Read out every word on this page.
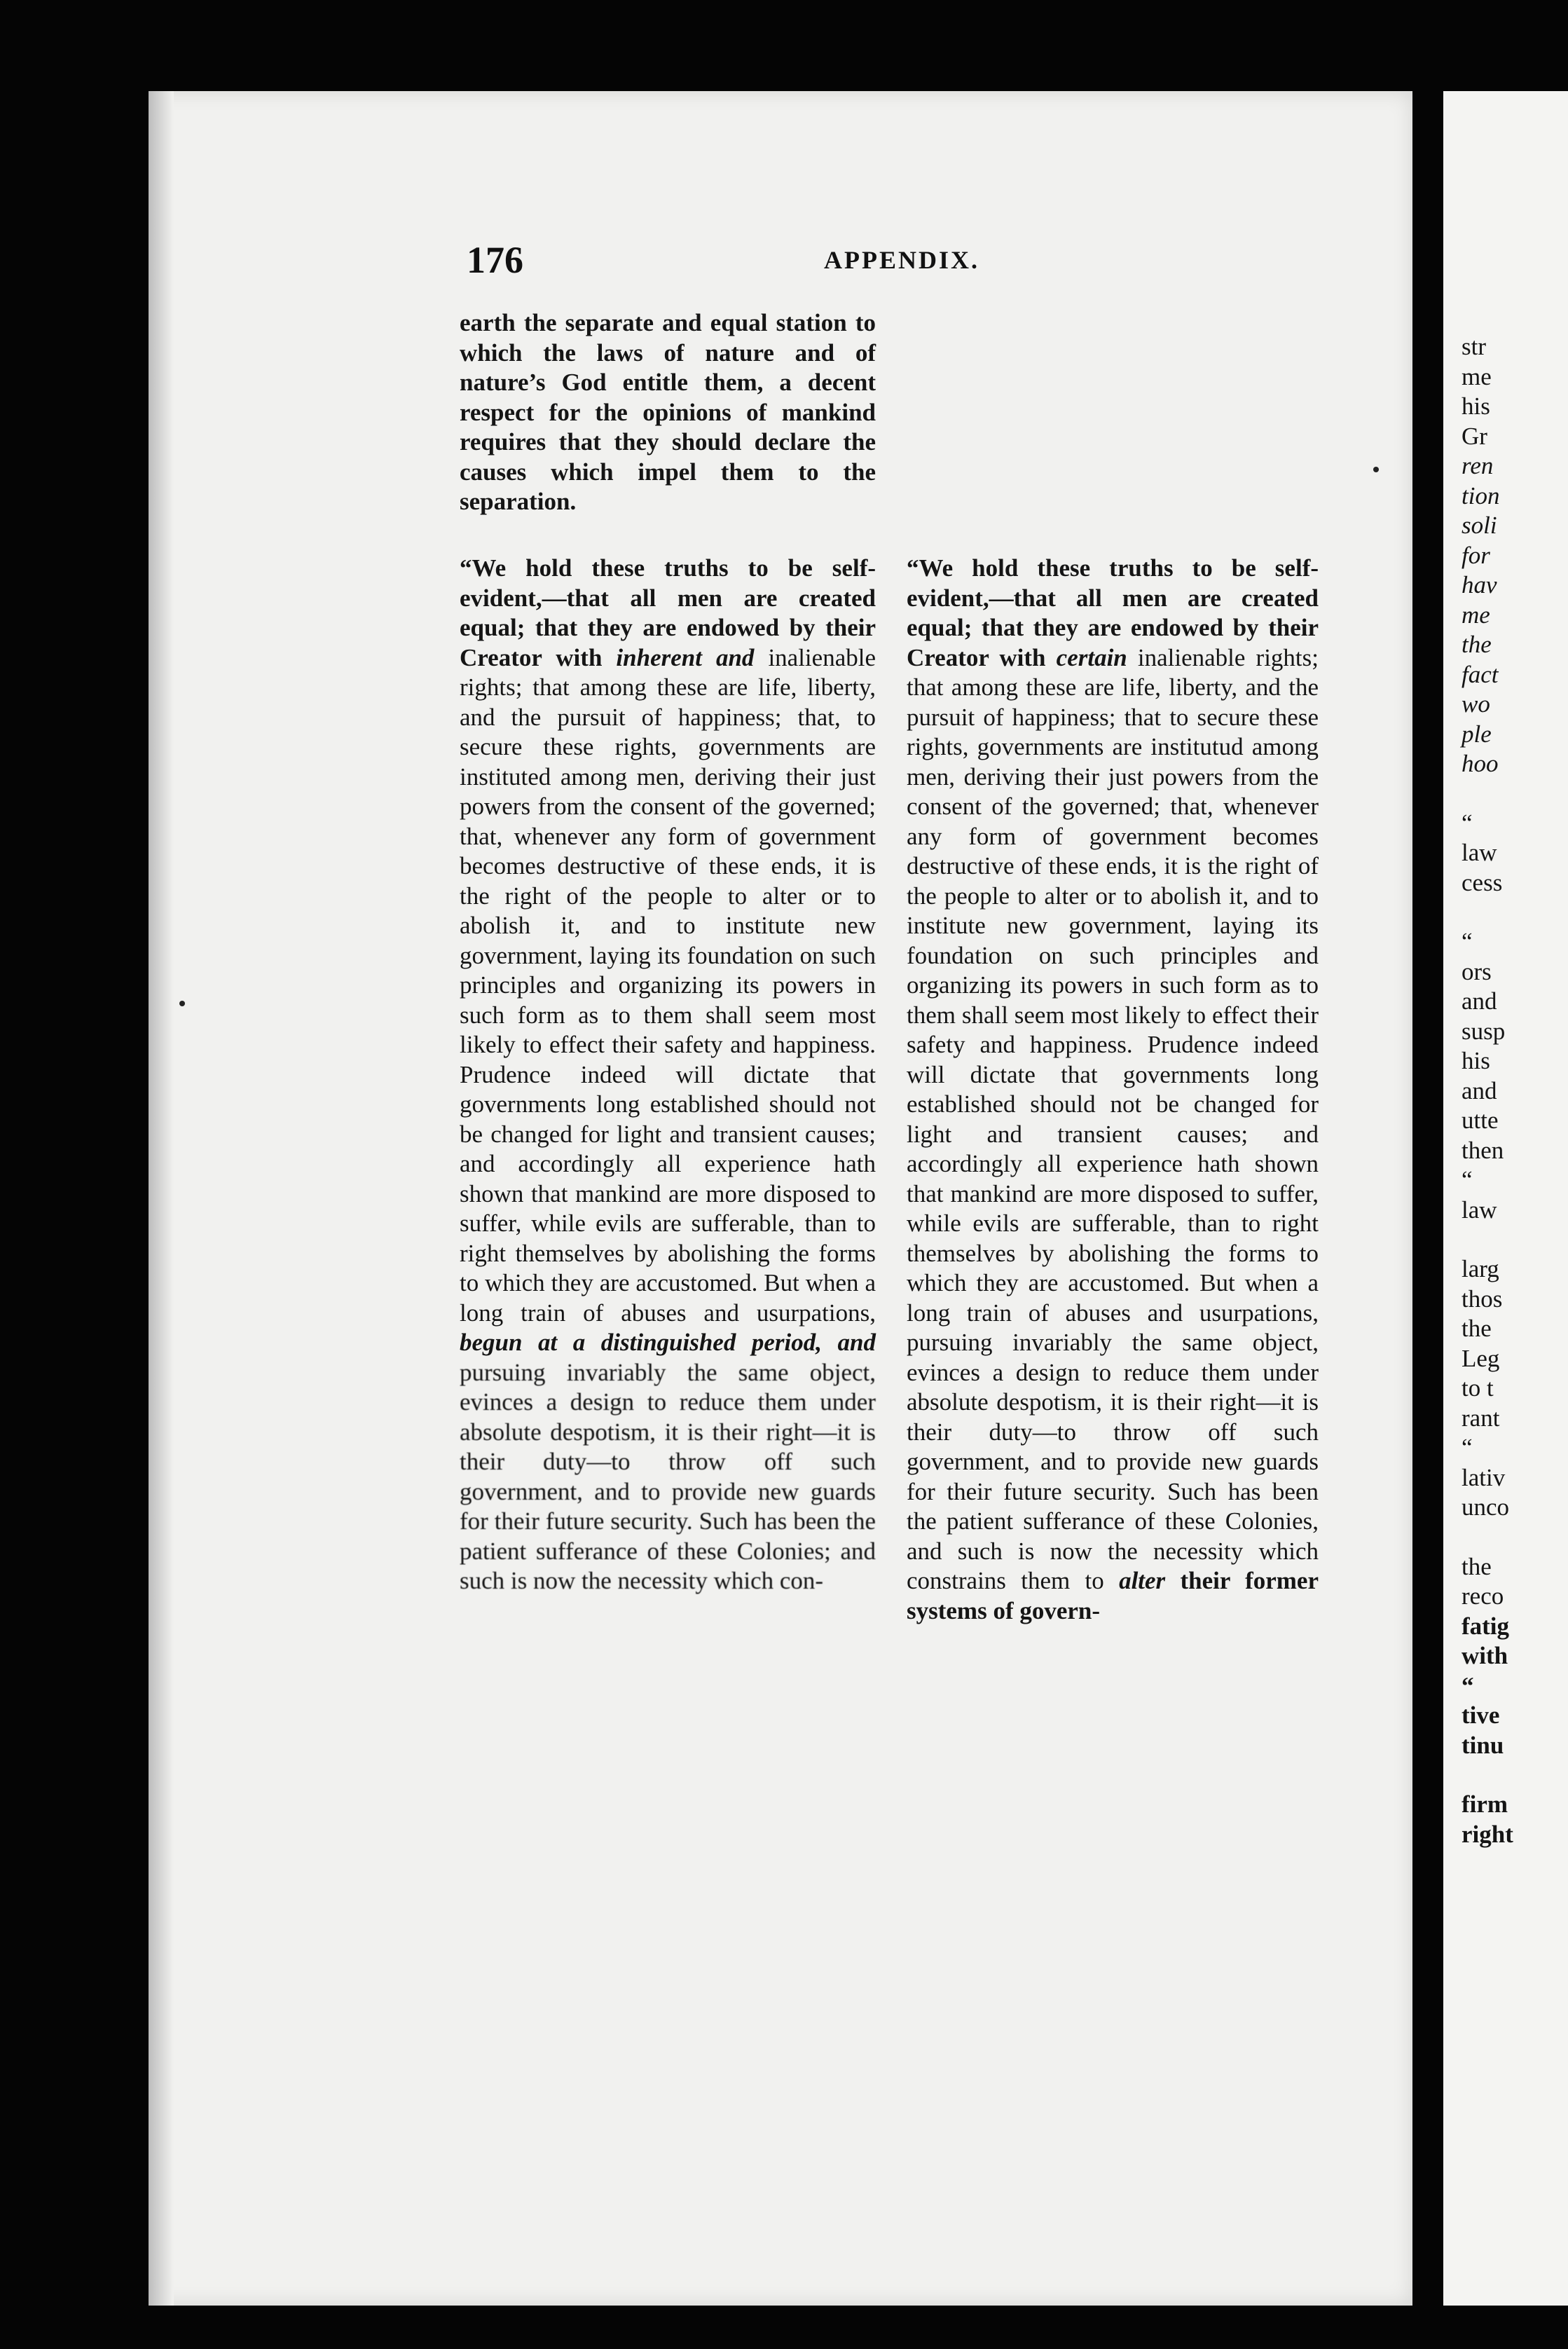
176	APPENDIX.

earth the separate and equal station to which the laws of nature and of nature’s God entitle them, a decent respect for the opinions of mankind requires that they should declare the causes which impel them to the separation.

“We hold these truths to be self-evident,—that all men are created equal; that they are endowed by their Creator with inherent and inalienable rights; that among these are life, liberty, and the pursuit of happiness; that, to secure these rights, governments are instituted among men, deriving their just powers from the consent of the governed; that, whenever any form of government becomes destructive of these ends, it is the right of the people to alter or to abolish it, and to institute new government, laying its foundation on such principles and organizing its powers in such form as to them shall seem most likely to effect their safety and happiness. Prudence indeed will dictate that governments long established should not be changed for light and transient causes; and accordingly all experience hath shown that mankind are more disposed to suffer, while evils are sufferable, than to right themselves by abolishing the forms to which they are accustomed. But when a long train of abuses and usurpations, begun at a distinguished period, and pursuing invariably the same object, evinces a design to reduce them under absolute despotism, it is their right—it is their duty—to throw off such government, and to provide new guards for their future security. Such has been the patient sufferance of these Colonies; and such is now the necessity which con-

“We hold these truths to be self-evident,—that all men are created equal; that they are endowed by their Creator with certain inalienable rights; that among these are life, liberty, and the pursuit of happiness; that to secure these rights, governments are institutud among men, deriving their just powers from the consent of the governed; that, whenever any form of government becomes destructive of these ends, it is the right of the people to alter or to abolish it, and to institute new government, laying its foundation on such principles and organizing its powers in such form as to them shall seem most likely to effect their safety and happiness. Prudence indeed will dictate that governments long established should not be changed for light and transient causes; and accordingly all experience hath shown that mankind are more disposed to suffer, while evils are sufferable, than to right themselves by abolishing the forms to which they are accustomed. But when a long train of abuses and usurpations, pursuing invariably the same object, evinces a design to reduce them under absolute despotism, it is their right—it is their duty—to throw off such government, and to provide new guards for their future security. Such has been the patient sufferance of these Colonies, and such is now the necessity which constrains them to alter their former systems of govern-

str
me
his
Gr
ren
tion
soli
for
hav
me
the
fact
wo
ple
hoo
“
law
cess
“
ors
and
susp
his
and
utte
then
“
law
larg
thos
the
Leg
to t
rant
“
lativ
unco
the
reco
fatig
with
“
tive
tinu
firm
right
